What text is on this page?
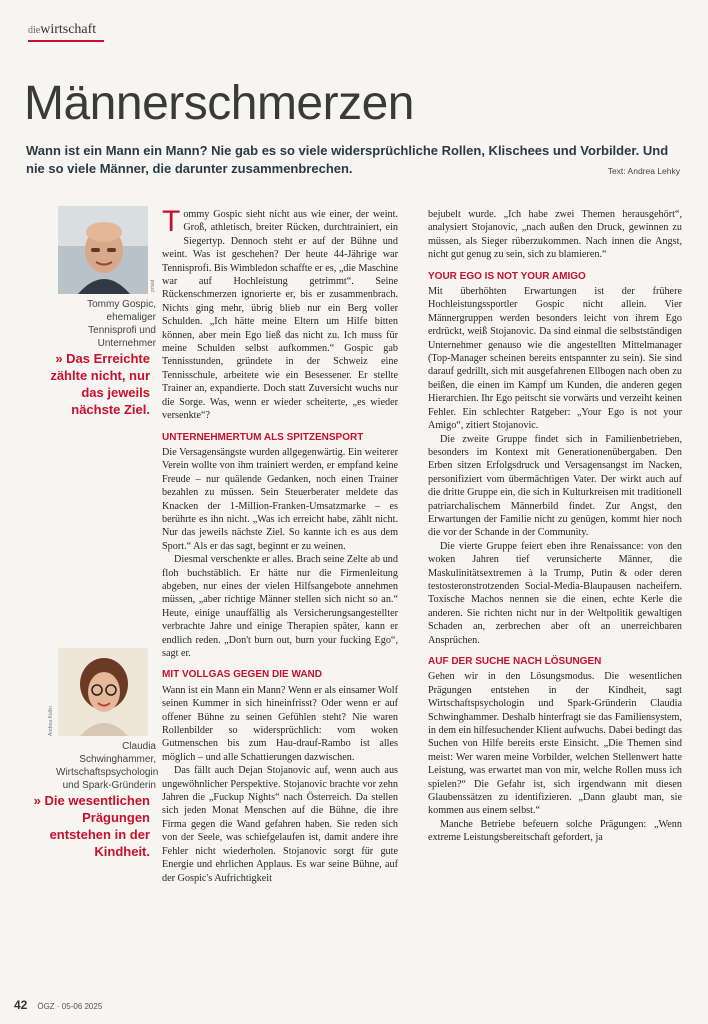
diewirtschaft
Männerschmerzen
Wann ist ein Mann ein Mann? Nie gab es so viele widersprüchliche Rollen, Klischees und Vorbilder. Und nie so viele Männer, die darunter zusammenbrechen.	Text: Andrea Lehky
privat
Tommy Gospic, ehemaliger Tennisprofi und Unternehmer
» Das Erreichte zählte nicht, nur das jeweils nächste Ziel.
Andrea Kollin
Claudia Schwinghammer, Wirtschaftspsychologin und Spark-Gründerin
» Die wesentlichen Prägungen entstehen in der Kindheit.

Tommy Gospic sieht nicht aus wie einer, der weint. Groß, athletisch, breiter Rücken, durchtrainiert, ein Siegertyp. Dennoch steht er auf der Bühne und weint. Was ist geschehen? Der heute 44-Jährige war Tennisprofi. Bis Wimbledon schaffte er es, „die Maschine war auf Hochleistung getrimmt“. Seine Rückenschmerzen ignorierte er, bis er zusammenbrach. Nichts ging mehr, übrig blieb nur ein Berg voller Schulden. „Ich hätte meine Eltern um Hilfe bitten können, aber mein Ego ließ das nicht zu. Ich muss für meine Schulden selbst aufkommen.“ Gospic gab Tennisstunden, gründete in der Schweiz eine Tennisschule, arbeitete wie ein Besessener. Er stellte Trainer an, expandierte. Doch statt Zuversicht wuchs nur die Sorge. Was, wenn er wieder scheiterte, „es wieder versenkte“?

UNTERNEHMERTUM ALS SPITZENSPORT

Die Versagensängste wurden allgegenwärtig. Ein weiterer Verein wollte von ihm trainiert werden, er empfand keine Freude – nur quälende Gedanken, noch einen Trainer bezahlen zu müssen. Sein Steuerberater meldete das Knacken der 1-Million-Franken-Umsatzmarke – es berührte es ihn nicht. „Was ich erreicht habe, zählt nicht. Nur das jeweils nächste Ziel. So kannte ich es aus dem Sport.“ Als er das sagt, beginnt er zu weinen.

Diesmal verschenkte er alles. Brach seine Zelte ab und floh buchstäblich. Er hätte nur die Firmenleitung abgeben, nur eines der vielen Hilfsangebote annehmen müssen, „aber richtige Männer stellen sich nicht so an.“ Heute, einige unauffällig als Versicherungsangestellter verbrachte Jahre und einige Therapien später, kann er endlich reden. „Don't burn out, burn your fucking Ego“, sagt er.

MIT VOLLGAS GEGEN DIE WAND

Wann ist ein Mann ein Mann? Wenn er als einsamer Wolf seinen Kummer in sich hineinfrisst? Oder wenn er auf offener Bühne zu seinen Gefühlen steht? Nie waren Rollenbilder so widersprüchlich: vom woken Gutmenschen bis zum Hau-drauf-Rambo ist alles möglich – und alle Schattierungen dazwischen.

Das fällt auch Dejan Stojanovic auf, wenn auch aus ungewöhnlicher Perspektive. Stojanovic brachte vor zehn Jahren die „Fuckup Nights“ nach Österreich. Da stellen sich jeden Monat Menschen auf die Bühne, die ihre Firma gegen die Wand gefahren haben. Sie reden sich von der Seele, was schiefgelaufen ist, damit andere ihre Fehler nicht wiederholen. Stojanovic sorgt für gute Energie und ehrlichen Applaus. Es war seine Bühne, auf der Gospic's Aufrichtigkeit

bejubelt wurde. „Ich habe zwei Themen herausgehört“, analysiert Stojanovic, „nach außen den Druck, gewinnen zu müssen, als Sieger rüberzukommen. Nach innen die Angst, nicht gut genug zu sein, sich zu blamieren.“

YOUR EGO IS NOT YOUR AMIGO

Mit überhöhten Erwartungen ist der frühere Hochleistungssportler Gospic nicht allein. Vier Männergruppen werden besonders leicht von ihrem Ego erdrückt, weiß Stojanovic. Da sind einmal die selbstständigen Unternehmer genauso wie die angestellten Mittelmanager (Top-Manager scheinen bereits entspannter zu sein). Sie sind darauf gedrillt, sich mit ausgefahrenen Ellbogen nach oben zu beißen, die einen im Kampf um Kunden, die anderen gegen Hierarchien. Ihr Ego peitscht sie vorwärts und verzeiht keinen Fehler. Ein schlechter Ratgeber: „Your Ego is not your Amigo“, zitiert Stojanovic.

Die zweite Gruppe findet sich in Familienbetrieben, besonders im Kontext mit Generationenübergaben. Den Erben sitzen Erfolgsdruck und Versagensangst im Nacken, personifiziert vom übermächtigen Vater. Der wirkt auch auf die dritte Gruppe ein, die sich in Kulturkreisen mit traditionell patriarchalischem Männerbild findet. Zur Angst, den Erwartungen der Familie nicht zu genügen, kommt hier noch die vor der Schande in der Community.

Die vierte Gruppe feiert eben ihre Renaissance: von den woken Jahren tief verunsicherte Männer, die Maskulinitätsextremen à la Trump, Putin & oder deren testosteronstrotzenden Social-Media-Blaupausen nacheifern. Toxische Machos nennen sie die einen, echte Kerle die anderen. Sie richten nicht nur in der Weltpolitik gewaltigen Schaden an, zerbrechen aber oft an unerreichbaren Ansprüchen.

AUF DER SUCHE NACH LÖSUNGEN

Gehen wir in den Lösungsmodus. Die wesentlichen Prägungen entstehen in der Kindheit, sagt Wirtschaftspsychologin und Spark-Gründerin Claudia Schwinghammer. Deshalb hinterfragt sie das Familiensystem, in dem ein hilfesuchender Klient aufwuchs. Dabei bedingt das Suchen von Hilfe bereits erste Einsicht. „Die Themen sind meist: Wer waren meine Vorbilder, welchen Stellenwert hatte Leistung, was erwartet man von mir, welche Rollen muss ich spielen?“ Die Gefahr ist, sich irgendwann mit diesen Glaubenssätzen zu identifizieren. „Dann glaubt man, sie kommen aus einem selbst.“

Manche Betriebe befeuern solche Prägungen: „Wenn extreme Leistungsbereitschaft gefordert, ja

42 ÖGZ · 05-06 2025
